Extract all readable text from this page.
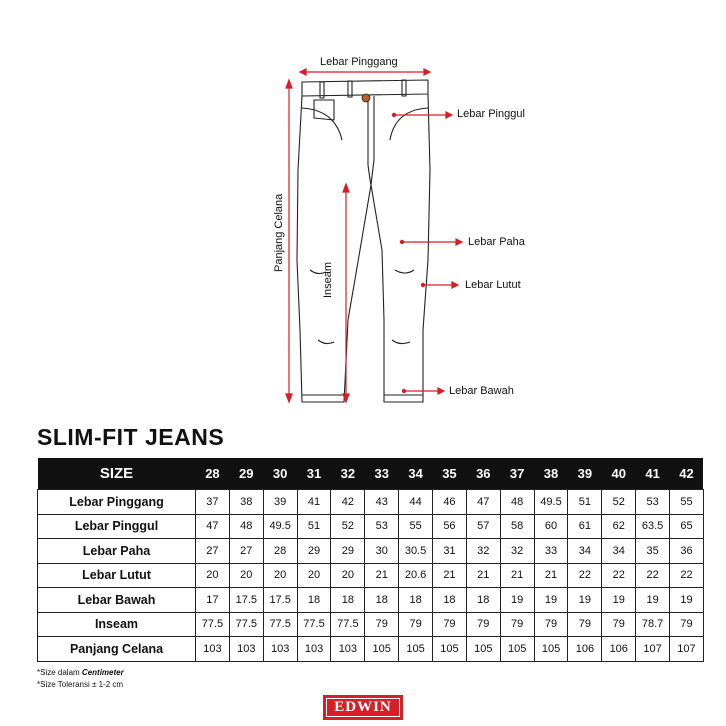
Lebar Pinggang
Lebar Pinggul
Lebar Paha
Lebar Lutut
Lebar Bawah
Panjang Celana
Inseam
SLIM-FIT JEANS
SIZE	28	29	30	31	32	33	34	35	36	37	38	39	40	41	42
Lebar Pinggang	37	38	39	41	42	43	44	46	47	48	49.5	51	52	53	55
Lebar Pinggul	47	48	49.5	51	52	53	55	56	57	58	60	61	62	63.5	65
Lebar Paha	27	27	28	29	29	30	30.5	31	32	32	33	34	34	35	36
Lebar Lutut	20	20	20	20	20	21	20.6	21	21	21	21	22	22	22	22
Lebar Bawah	17	17.5	17.5	18	18	18	18	18	18	19	19	19	19	19	19
Inseam	77.5	77.5	77.5	77.5	77.5	79	79	79	79	79	79	79	79	78.7	79
Panjang Celana	103	103	103	103	103	105	105	105	105	105	105	106	106	107	107
*Size dalam Centimeter
*Size Toleransi ± 1-2 cm
EDWIN
